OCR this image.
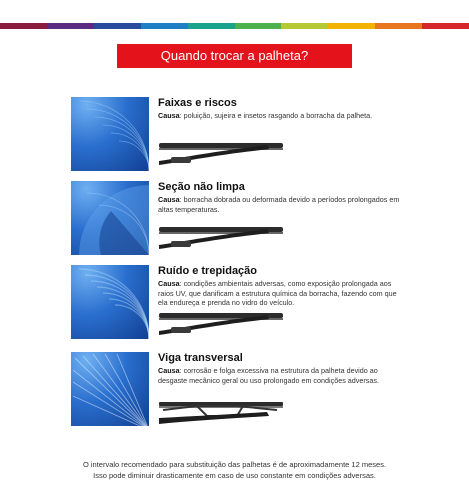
Quando trocar a palheta?
Faixas e riscos
Causa: poluição, sujeira e insetos rasgando a borracha da palheta.
Seção não limpa
Causa: borracha dobrada ou deformada devido a períodos prolongados em altas temperaturas.
Ruído e trepidação
Causa: condições ambientais adversas, como exposição prolongada aos raios UV, que danificam a estrutura química da borracha, fazendo com que ela endureça e prenda no vidro do veículo.
Viga transversal
Causa: corrosão e folga excessiva na estrutura da palheta devido ao desgaste mecânico geral ou uso prolongado em condições adversas.
O intervalo recomendado para substituição das palhetas é de aproximadamente 12 meses.
Isso pode diminuir drasticamente em caso de uso constante em condições adversas.
